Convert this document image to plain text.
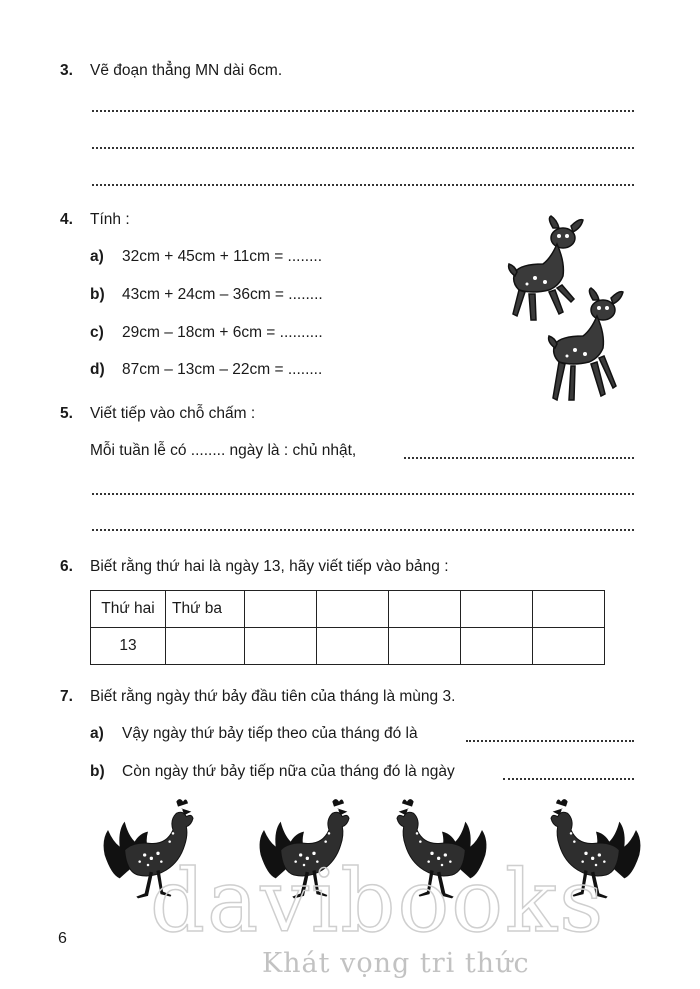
3. Vẽ đoạn thẳng MN dài 6cm.
4. Tính :
a) 32cm + 45cm + 11cm = ........
b) 43cm + 24cm – 36cm = ........
c) 29cm – 18cm + 6cm = ..........
d) 87cm – 13cm – 22cm = ........
5. Viết tiếp vào chỗ chấm :
Mỗi tuần lễ có ........ ngày là : chủ nhật,
6. Biết rằng thứ hai là ngày 13, hãy viết tiếp vào bảng :
Thứ hai	Thứ ba					
13						
7. Biết rằng ngày thứ bảy đầu tiên của tháng là mùng 3.
a) Vậy ngày thứ bảy tiếp theo của tháng đó là
b) Còn ngày thứ bảy tiếp nữa của tháng đó là ngày
6 davibooks
Khát vọng tri thức
